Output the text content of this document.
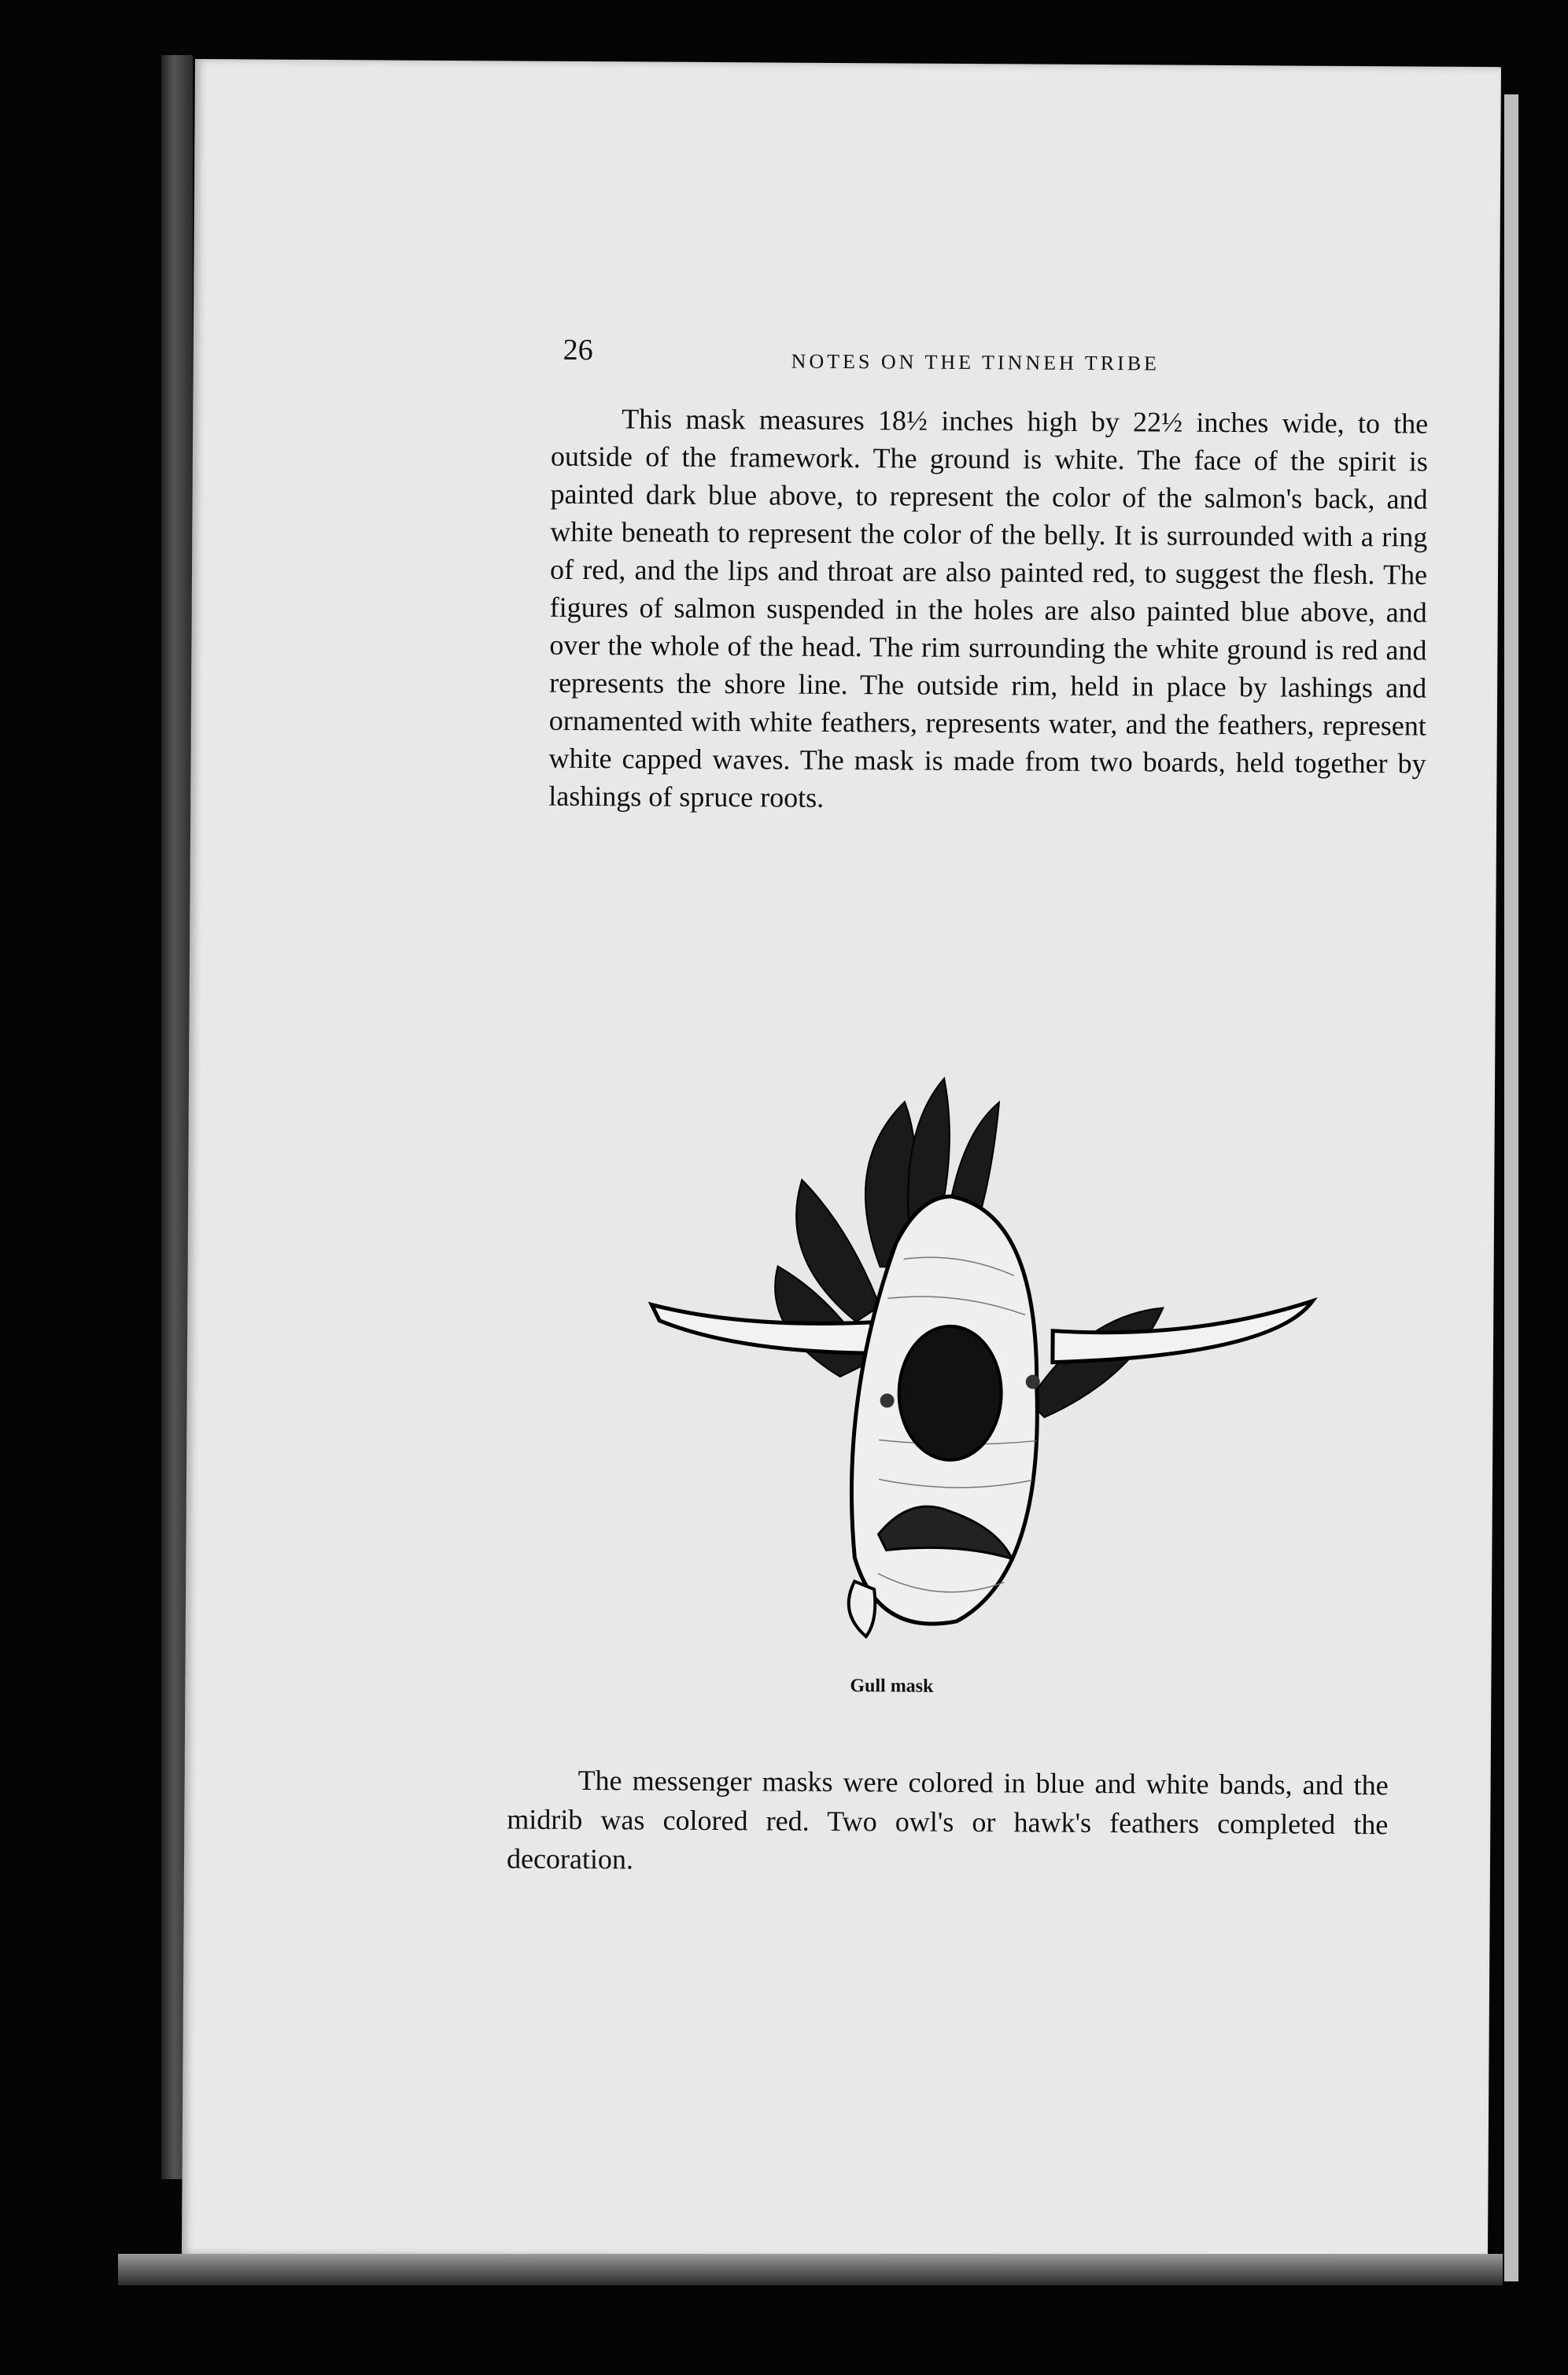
26	NOTES ON THE TINNEH TRIBE

This mask measures 18½ inches high by 22½ inches wide, to the outside of the framework. The ground is white. The face of the spirit is painted dark blue above, to represent the color of the salmon's back, and white beneath to represent the color of the belly. It is surrounded with a ring of red, and the lips and throat are also painted red, to suggest the flesh. The figures of salmon suspended in the holes are also painted blue above, and over the whole of the head. The rim surrounding the white ground is red and represents the shore line. The outside rim, held in place by lashings and ornamented with white feathers, represents water, and the feathers, represent white capped waves. The mask is made from two boards, held together by lashings of spruce roots.

Gull mask

The messenger masks were colored in blue and white bands, and the midrib was colored red. Two owl's or hawk's feathers completed the decoration.
